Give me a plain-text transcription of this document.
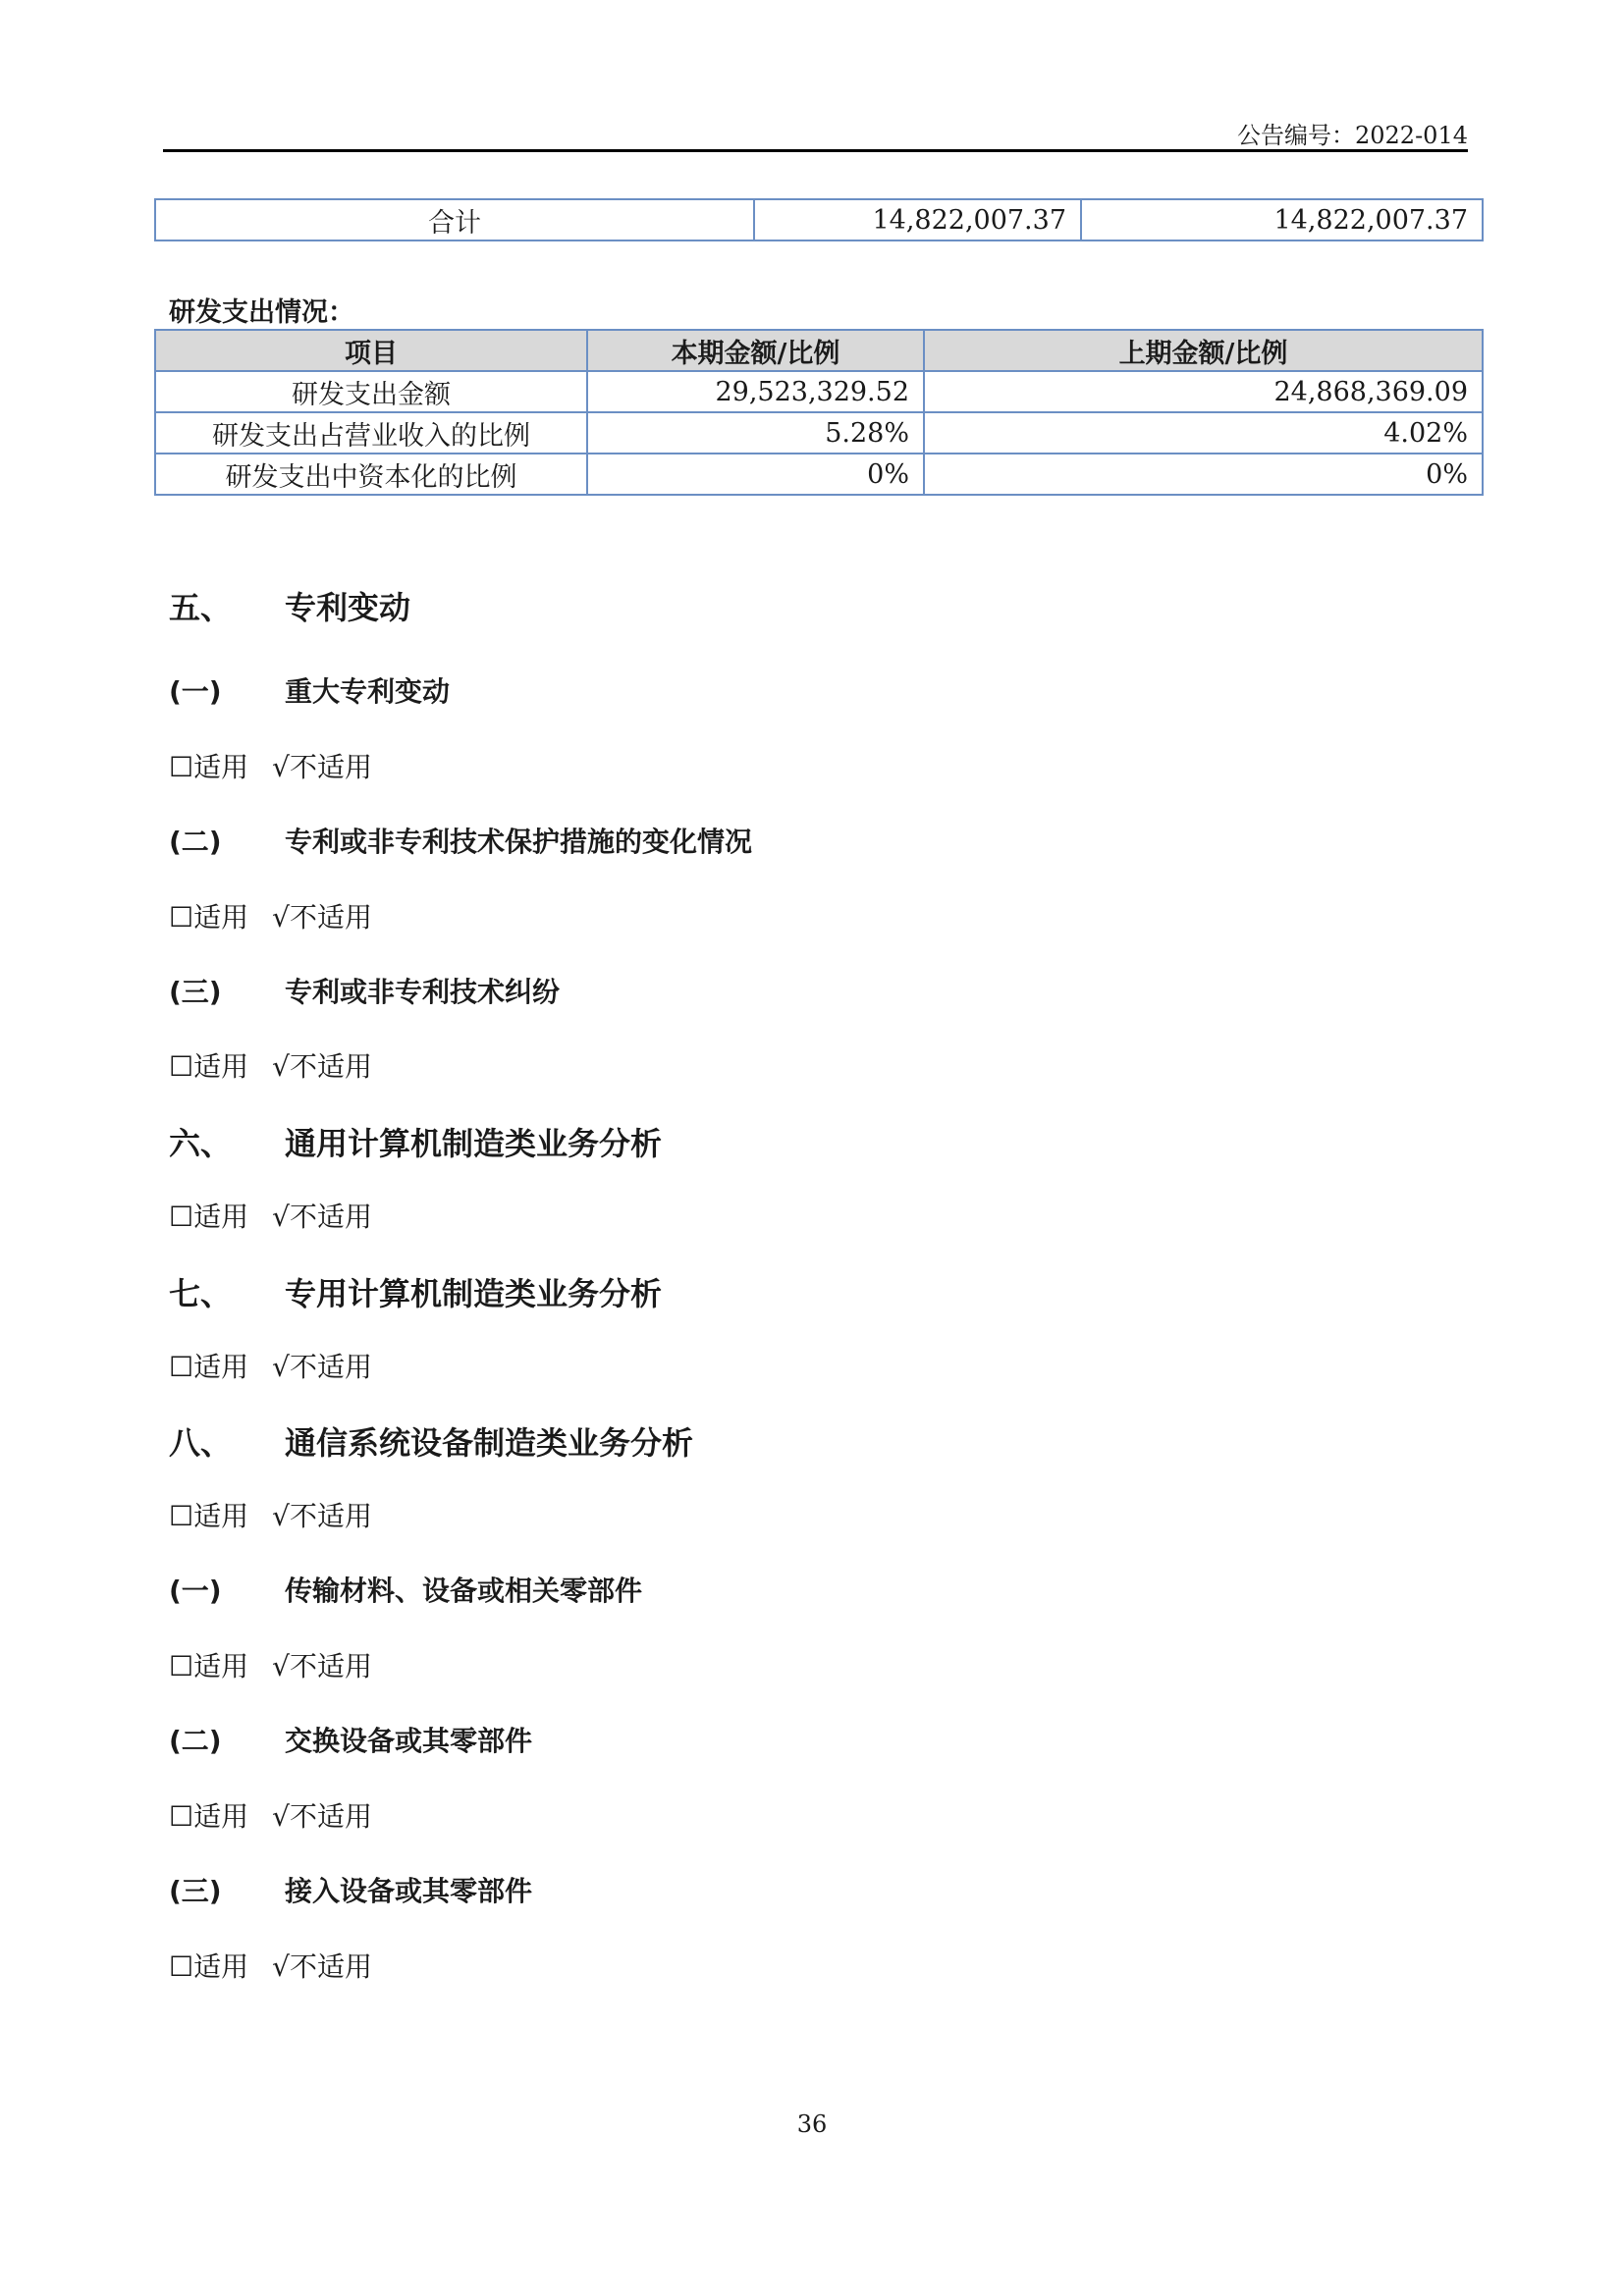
公告编号：2022-014
合计	14,822,007.37	14,822,007.37
研发支出情况：
项目	本期金额/比例	上期金额/比例
研发支出金额	29,523,329.52	24,868,369.09
研发支出占营业收入的比例	5.28%	4.02%
研发支出中资本化的比例	0%	0%
五、 专利变动
(一) 重大专利变动
☐适用 √不适用
(二) 专利或非专利技术保护措施的变化情况
☐适用 √不适用
(三) 专利或非专利技术纠纷
☐适用 √不适用
六、 通用计算机制造类业务分析
☐适用 √不适用
七、 专用计算机制造类业务分析
☐适用 √不适用
八、 通信系统设备制造类业务分析
☐适用 √不适用
(一) 传输材料、设备或相关零部件
☐适用 √不适用
(二) 交换设备或其零部件
☐适用 √不适用
(三) 接入设备或其零部件
☐适用 √不适用
36
